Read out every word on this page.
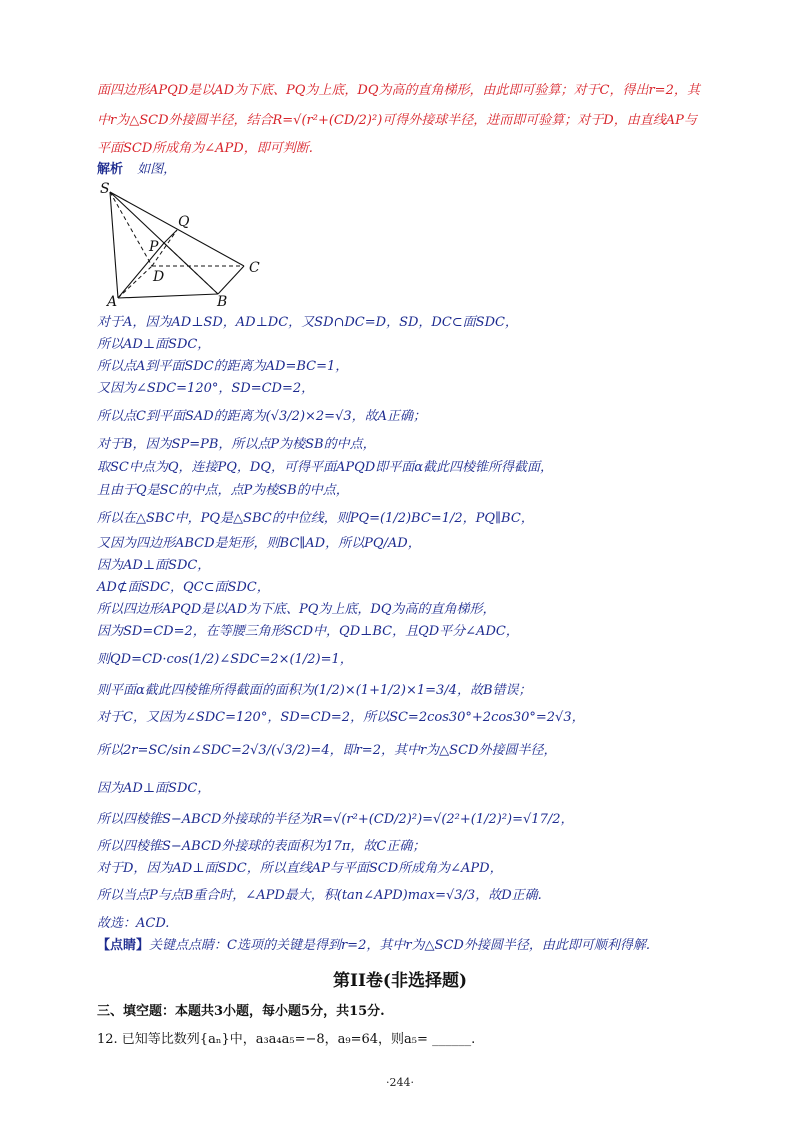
面四边形APQD是以AD为下底、PQ为上底，DQ为高的直角梯形，由此即可验算；对于C，得出r=2，其
中r为△SCD外接圆半径，结合R=√(r²+(CD/2)²)可得外接球半径，进而即可验算；对于D，由直线AP与
平面SCD所成角为∠APD，即可判断.
解析 如图，
S
Q
P
D
C
A	B
对于A，因为AD⊥SD，AD⊥DC，又SD∩DC=D，SD，DC⊂面SDC，
所以AD⊥面SDC，
所以点A到平面SDC的距离为AD=BC=1，
又因为∠SDC=120°，SD=CD=2，
所以点C到平面SAD的距离为(√3/2)×2=√3，故A正确；
对于B，因为SP=PB，所以点P为棱SB的中点，
取SC中点为Q，连接PQ，DQ，可得平面APQD即平面α截此四棱锥所得截面，
且由于Q是SC的中点，点P为棱SB的中点，
所以在△SBC中，PQ是△SBC的中位线，则PQ=(1/2)BC=1/2，PQ∥BC，
又因为四边形ABCD是矩形，则BC∥AD，所以PQ/AD，
因为AD⊥面SDC，
AD⊄面SDC，QC⊂面SDC，
所以四边形APQD是以AD为下底、PQ为上底，DQ为高的直角梯形，
因为SD=CD=2，在等腰三角形SCD中，QD⊥BC，且QD平分∠ADC，
则QD=CD·cos(1/2)∠SDC=2×(1/2)=1，
则平面α截此四棱锥所得截面的面积为(1/2)×(1+1/2)×1=3/4，故B错误；
对于C，又因为∠SDC=120°，SD=CD=2，所以SC=2cos30°+2cos30°=2√3，
所以2r=SC/sin∠SDC=2√3/(√3/2)=4，即r=2，其中r为△SCD外接圆半径，
因为AD⊥面SDC，
所以四棱锥S−ABCD外接球的半径为R=√(r²+(CD/2)²)=√(2²+(1/2)²)=√17/2，
所以四棱锥S−ABCD外接球的表面积为17π，故C正确；
对于D，因为AD⊥面SDC，所以直线AP与平面SCD所成角为∠APD，
所以当点P与点B重合时，∠APD最大，积(tan∠APD)max=√3/3，故D正确.
故选：ACD.
【点睛】关键点点睛：C选项的关键是得到r=2，其中r为△SCD外接圆半径，由此即可顺利得解.
第II卷(非选择题)
三、填空题：本题共3小题，每小题5分，共15分.
12. 已知等比数列{aₙ}中，a₃a₄a₅=−8，a₉=64，则a₅= ______.
·244·
